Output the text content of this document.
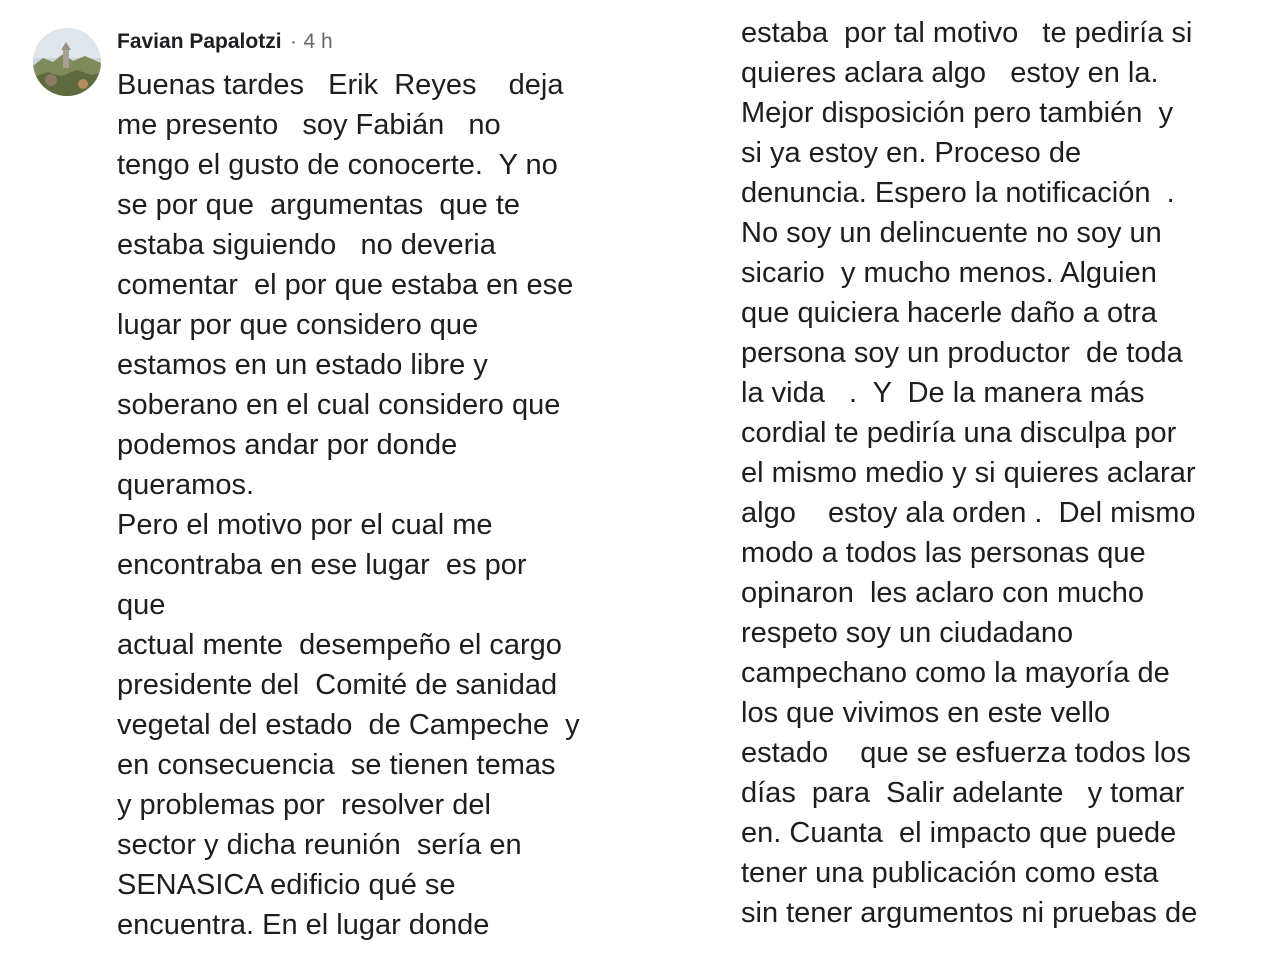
Favian Papalotzi · 4 h
Buenas tardes   Erik  Reyes    deja
me presento   soy Fabián   no
tengo el gusto de conocerte.  Y no
se por que  argumentas  que te
estaba siguiendo   no deveria
comentar  el por que estaba en ese
lugar por que considero que
estamos en un estado libre y
soberano en el cual considero que
podemos andar por donde
queramos.
Pero el motivo por el cual me
encontraba en ese lugar  es por
que
actual mente  desempeño el cargo
presidente del  Comité de sanidad
vegetal del estado  de Campeche  y
en consecuencia  se tienen temas
y problemas por  resolver del
sector y dicha reunión  sería en
SENASICA edificio qué se
encuentra. En el lugar donde
estaba  por tal motivo   te pediría si
quieres aclara algo   estoy en la.
Mejor disposición pero también  y
si ya estoy en. Proceso de
denuncia. Espero la notificación  .
No soy un delincuente no soy un
sicario  y mucho menos. Alguien
que quiciera hacerle daño a otra
persona soy un productor  de toda
la vida   .  Y  De la manera más
cordial te pediría una disculpa por
el mismo medio y si quieres aclarar
algo    estoy ala orden .  Del mismo
modo a todos las personas que
opinaron  les aclaro con mucho
respeto soy un ciudadano
campechano como la mayoría de
los que vivimos en este vello
estado    que se esfuerza todos los
días  para  Salir adelante   y tomar
en. Cuanta  el impacto que puede
tener una publicación como esta
sin tener argumentos ni pruebas de
